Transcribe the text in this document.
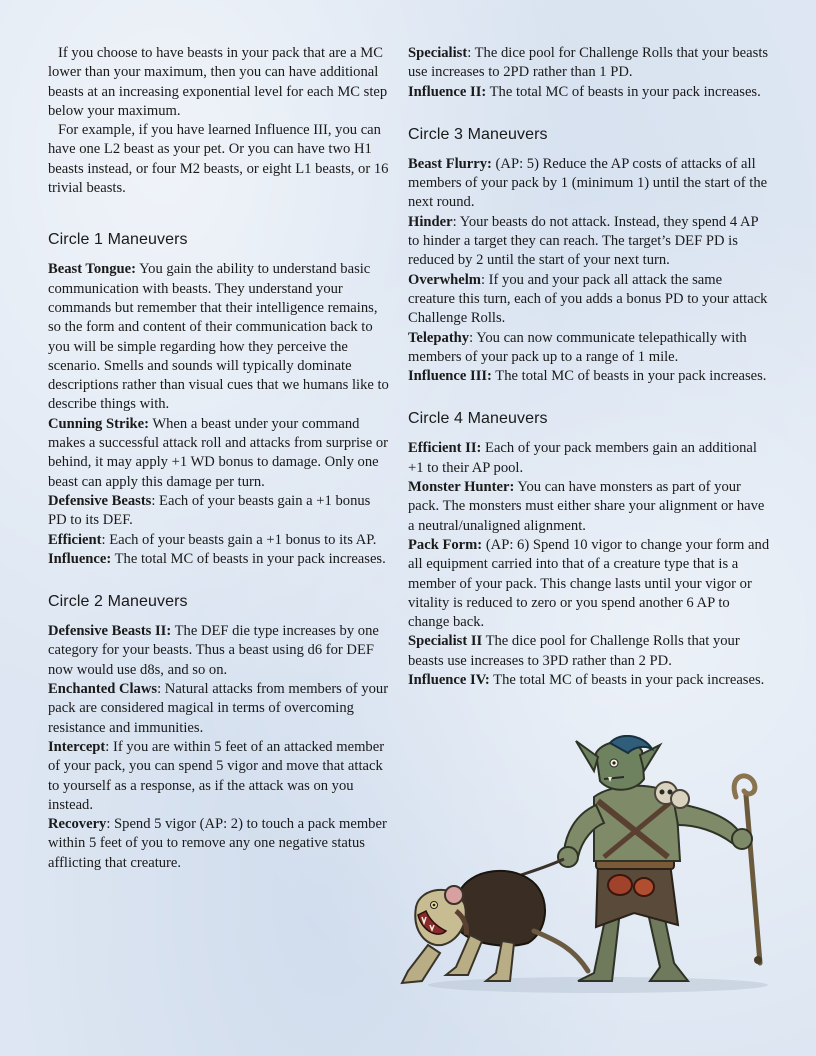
If you choose to have beasts in your pack that are a MC lower than your maximum, then you can have additional beasts at an increasing exponential level for each MC step below your maximum.

For example, if you have learned Influence III, you can have one L2 beast as your pet. Or you can have two H1 beasts instead, or four M2 beasts, or eight L1 beasts, or 16 trivial beasts.

Circle 1 Maneuvers

Beast Tongue: You gain the ability to understand basic communication with beasts. They understand your commands but remember that their intelligence remains, so the form and content of their communication back to you will be simple regarding how they perceive the scenario. Smells and sounds will typically dominate descriptions rather than visual cues that we humans like to describe things with.

Cunning Strike: When a beast under your command makes a successful attack roll and attacks from surprise or behind, it may apply +1 WD bonus to damage. Only one beast can apply this damage per turn.

Defensive Beasts: Each of your beasts gain a +1 bonus PD to its DEF.

Efficient: Each of your beasts gain a +1 bonus to its AP.

Influence: The total MC of beasts in your pack increases.

Circle 2 Maneuvers

Defensive Beasts II: The DEF die type increases by one category for your beasts. Thus a beast using d6 for DEF now would use d8s, and so on.

Enchanted Claws: Natural attacks from members of your pack are considered magical in terms of overcoming resistance and immunities.

Intercept: If you are within 5 feet of an attacked member of your pack, you can spend 5 vigor and move that attack to yourself as a response, as if the attack was on you instead.

Recovery: Spend 5 vigor (AP: 2) to touch a pack member within 5 feet of you to remove any one negative status afflicting that creature.

Specialist: The dice pool for Challenge Rolls that your beasts use increases to 2PD rather than 1 PD.

Influence II: The total MC of beasts in your pack increases.

Circle 3 Maneuvers

Beast Flurry: (AP: 5) Reduce the AP costs of attacks of all members of your pack by 1 (minimum 1) until the start of the next round.

Hinder: Your beasts do not attack. Instead, they spend 4 AP to hinder a target they can reach. The target’s DEF PD is reduced by 2 until the start of your next turn.

Overwhelm: If you and your pack all attack the same creature this turn, each of you adds a bonus PD to your attack Challenge Rolls.

Telepathy: You can now communicate telepathically with members of your pack up to a range of 1 mile.

Influence III: The total MC of beasts in your pack increases.

Circle 4 Maneuvers

Efficient II: Each of your pack members gain an additional +1 to their AP pool.

Monster Hunter: You can have monsters as part of your pack. The monsters must either share your alignment or have a neutral/unaligned alignment.

Pack Form: (AP: 6) Spend 10 vigor to change your form and all equipment carried into that of a creature type that is a member of your pack. This change lasts until your vigor or vitality is reduced to zero or you spend another 6 AP to change back.

Specialist II The dice pool for Challenge Rolls that your beasts use increases to 3PD rather than 2 PD.

Influence IV: The total MC of beasts in your pack increases.
